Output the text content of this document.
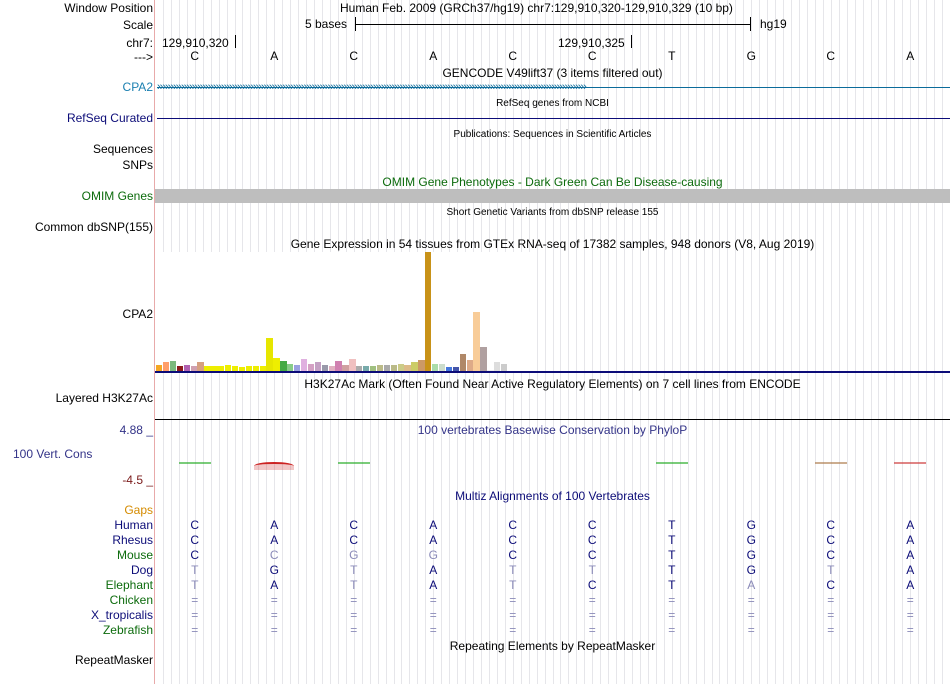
Window Position	Human Feb. 2009 (GRCh37/hg19) chr7:129,910,320-129,910,329 (10 bp)
Scale	5 bases	hg19
chr7: 129,910,320	129,910,325
--->	C	A	C	A	C	C	T	G	C	A
GENCODE V49lift37 (3 items filtered out)
CPA2 ›››››››››››››››››››››››››››››››››››››››››››››››››››››››››››››››››››››››››››››››››››››››››››››››››››››››››››››››››››››››››››››››››››››››››››››››››››››››››››››››››
RefSeq genes from NCBI
RefSeq Curated
Publications: Sequences in Scientific Articles
Sequences
SNPs
OMIM Gene Phenotypes - Dark Green Can Be Disease-causing
OMIM Genes
Short Genetic Variants from dbSNP release 155
Common dbSNP(155)
Gene Expression in 54 tissues from GTEx RNA-seq of 17382 samples, 948 donors (V8, Aug 2019)
CPA2
H3K27Ac Mark (Often Found Near Active Regulatory Elements) on 7 cell lines from ENCODE
Layered H3K27Ac
4.88 _	100 vertebrates Basewise Conservation by PhyloP
100 Vert. Cons
-4.5 _
Multiz Alignments of 100 Vertebrates
Gaps
Human	C	A	C	A	C	C	T	G	C	A
Rhesus	C	A	C	A	C	C	T	G	C	A
Mouse	C	C	G	G	C	C	T	G	C	A
Dog	T	G	T	A	T	T	T	G	T	A
Elephant	T	A	T	A	T	C	T	A	C	A
Chicken	=	=	=	=	=	=	=	=	=	=
X_tropicalis	=	=	=	=	=	=	=	=	=	=
Zebrafish	=	=	=	=	=	=	=	=	=	=
Repeating Elements by RepeatMasker
RepeatMasker
